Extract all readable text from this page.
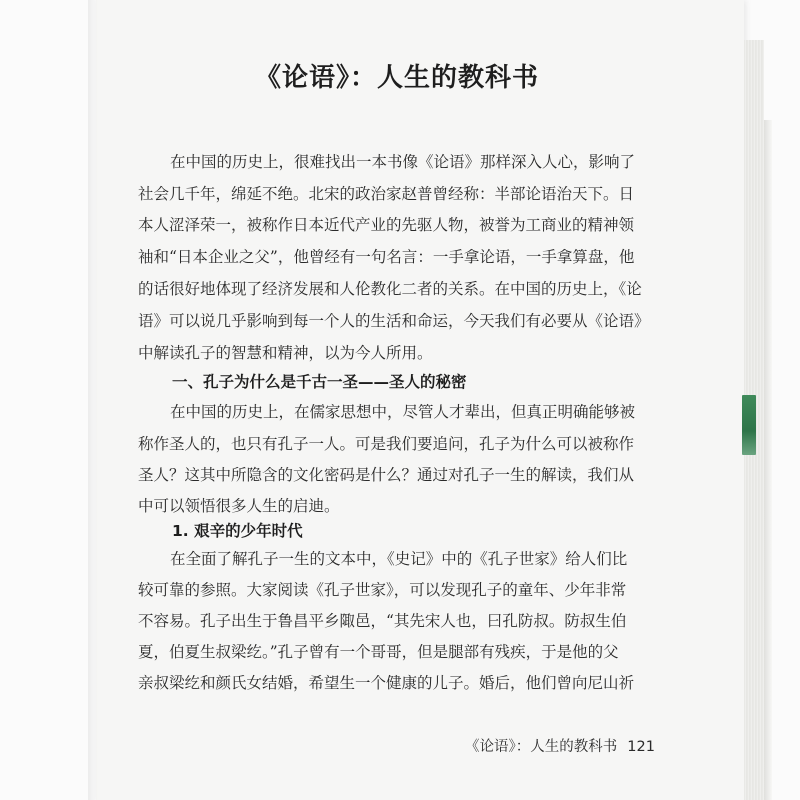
《论语》：人生的教科书
在中国的历史上，很难找出一本书像《论语》那样深入人心，影响了
社会几千年，绵延不绝。北宋的政治家赵普曾经称：半部论语治天下。日
本人涩泽荣一，被称作日本近代产业的先驱人物，被誉为工商业的精神领
袖和“日本企业之父”，他曾经有一句名言：一手拿论语，一手拿算盘，他
的话很好地体现了经济发展和人伦教化二者的关系。在中国的历史上，《论
语》可以说几乎影响到每一个人的生活和命运，今天我们有必要从《论语》
中解读孔子的智慧和精神，以为今人所用。
一、孔子为什么是千古一圣——圣人的秘密
在中国的历史上，在儒家思想中，尽管人才辈出，但真正明确能够被
称作圣人的，也只有孔子一人。可是我们要追问，孔子为什么可以被称作
圣人？这其中所隐含的文化密码是什么？通过对孔子一生的解读，我们从
中可以领悟很多人生的启迪。
1. 艰辛的少年时代
在全面了解孔子一生的文本中，《史记》中的《孔子世家》给人们比
较可靠的参照。大家阅读《孔子世家》，可以发现孔子的童年、少年非常
不容易。孔子出生于鲁昌平乡陬邑，“其先宋人也，曰孔防叔。防叔生伯
夏，伯夏生叔梁纥。”孔子曾有一个哥哥，但是腿部有残疾，于是他的父
亲叔梁纥和颜氏女结婚，希望生一个健康的儿子。婚后，他们曾向尼山祈
《论语》：人生的教科书 121
